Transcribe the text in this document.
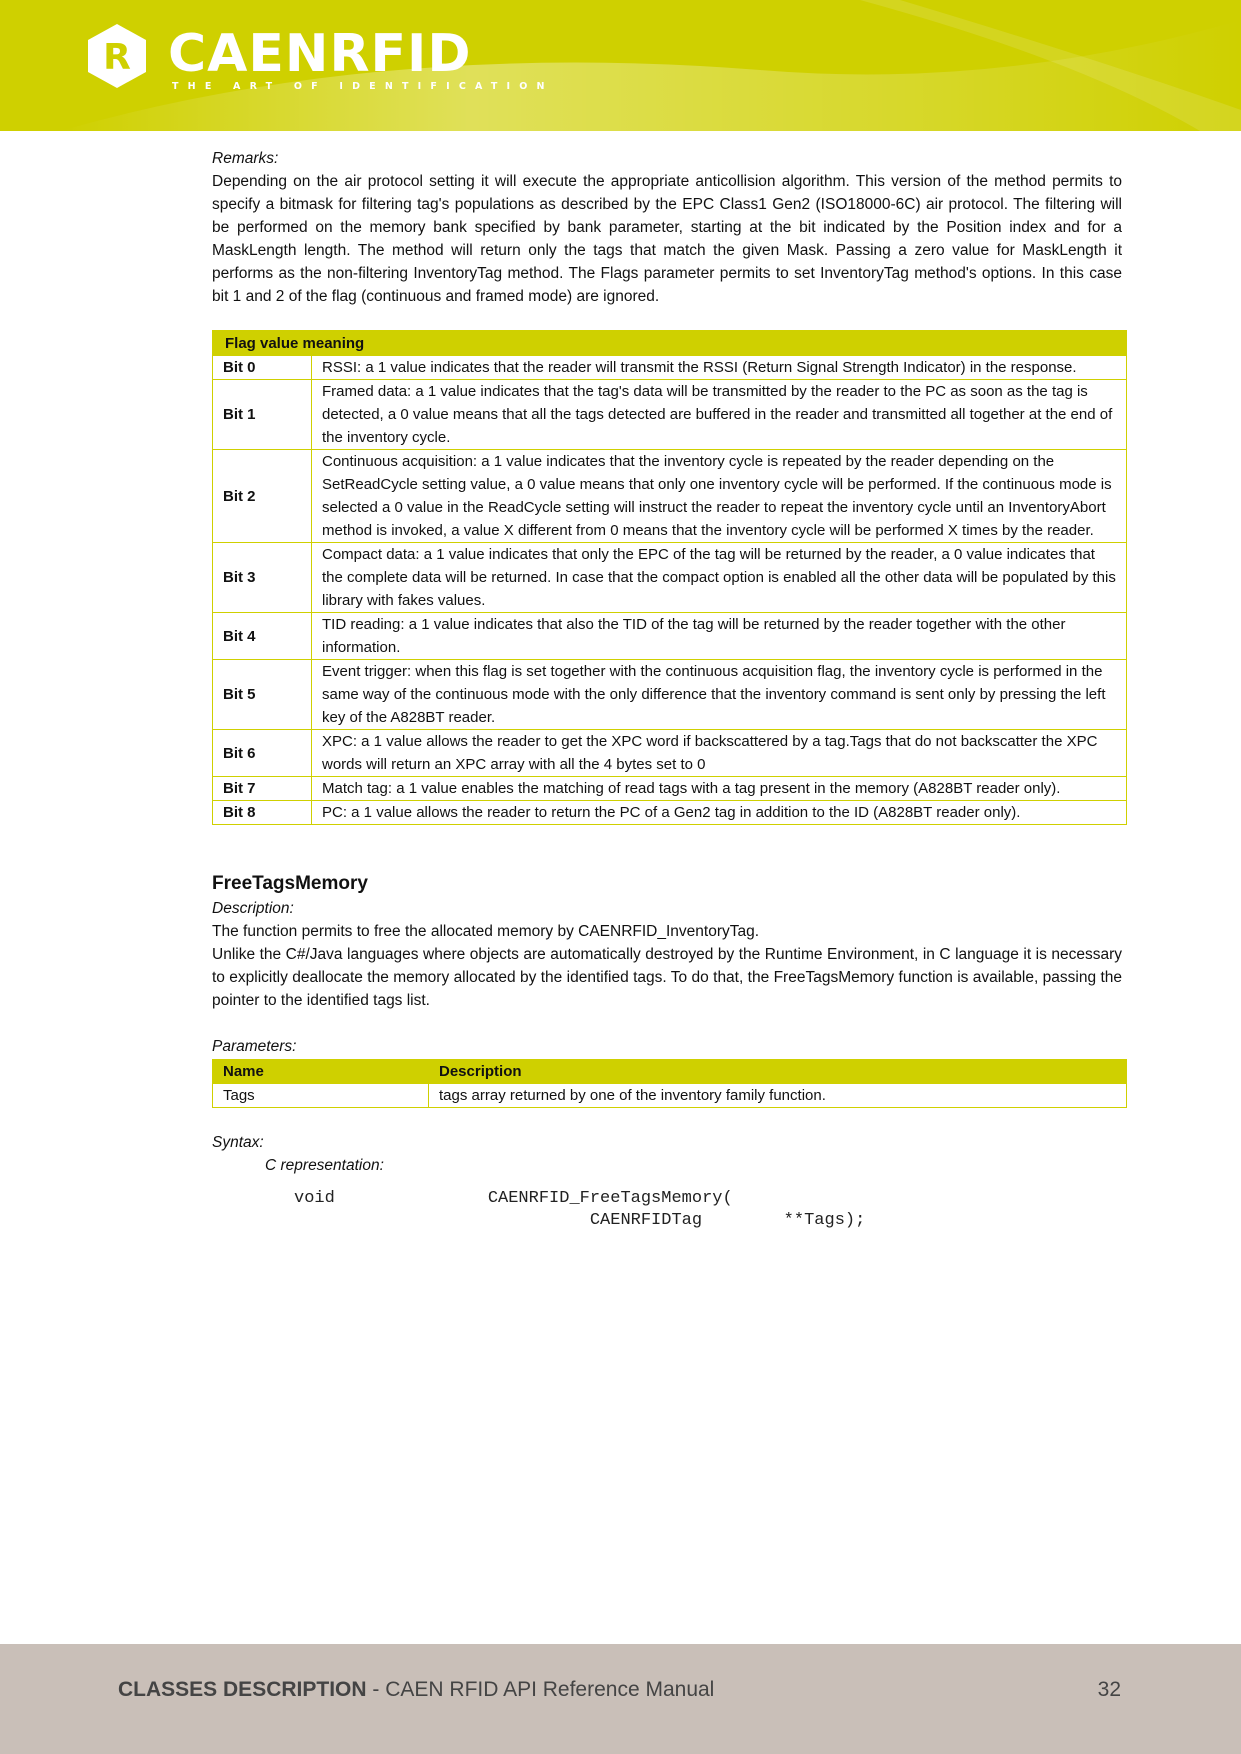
R CAENRFID
THE ART OF IDENTIFICATION
Remarks:

Depending on the air protocol setting it will execute the appropriate anticollision algorithm. This version of the method permits to specify a bitmask for filtering tag's populations as described by the EPC Class1 Gen2 (ISO18000-6C) air protocol. The filtering will be performed on the memory bank specified by bank parameter, starting at the bit indicated by the Position index and for a MaskLength length. The method will return only the tags that match the given Mask. Passing a zero value for MaskLength it performs as the non-filtering InventoryTag method. The Flags parameter permits to set InventoryTag method's options. In this case bit 1 and 2 of the flag (continuous and framed mode) are ignored.

Flag value meaning	
Bit 0	RSSI: a 1 value indicates that the reader will transmit the RSSI (Return Signal Strength Indicator) in the response.
Bit 1	Framed data: a 1 value indicates that the tag's data will be transmitted by the reader to the PC as soon as the tag is detected, a 0 value means that all the tags detected are buffered in the reader and transmitted all together at the end of the inventory cycle.
Bit 2	Continuous acquisition: a 1 value indicates that the inventory cycle is repeated by the reader depending on the SetReadCycle setting value, a 0 value means that only one inventory cycle will be performed. If the continuous mode is selected a 0 value in the ReadCycle setting will instruct the reader to repeat the inventory cycle until an InventoryAbort method is invoked, a value X different from 0 means that the inventory cycle will be performed X times by the reader.
Bit 3	Compact data: a 1 value indicates that only the EPC of the tag will be returned by the reader, a 0 value indicates that the complete data will be returned. In case that the compact option is enabled all the other data will be populated by this library with fakes values.
Bit 4	TID reading: a 1 value indicates that also the TID of the tag will be returned by the reader together with the other information.
Bit 5	Event trigger: when this flag is set together with the continuous acquisition flag, the inventory cycle is performed in the same way of the continuous mode with the only difference that the inventory command is sent only by pressing the left key of the A828BT reader.
Bit 6	XPC: a 1 value allows the reader to get the XPC word if backscattered by a tag.Tags that do not backscatter the XPC words will return an XPC array with all the 4 bytes set to 0
Bit 7	Match tag: a 1 value enables the matching of read tags with a tag present in the memory (A828BT reader only).
Bit 8	PC: a 1 value allows the reader to return the PC of a Gen2 tag in addition to the ID (A828BT reader only).
FreeTagsMemory
Description:

The function permits to free the allocated memory by CAENRFID_InventoryTag.

Unlike the C#/Java languages where objects are automatically destroyed by the Runtime Environment, in C language it is necessary to explicitly deallocate the memory allocated by the identified tags. To do that, the FreeTagsMemory function is available, passing the pointer to the identified tags list.

Parameters:
Name	Description
Tags	tags array returned by one of the inventory family function.
Syntax:
C representation:
void               CAENRFID_FreeTagsMemory(
CAENRFIDTag        **Tags);
CLASSES DESCRIPTION - CAEN RFID API Reference Manual	32
